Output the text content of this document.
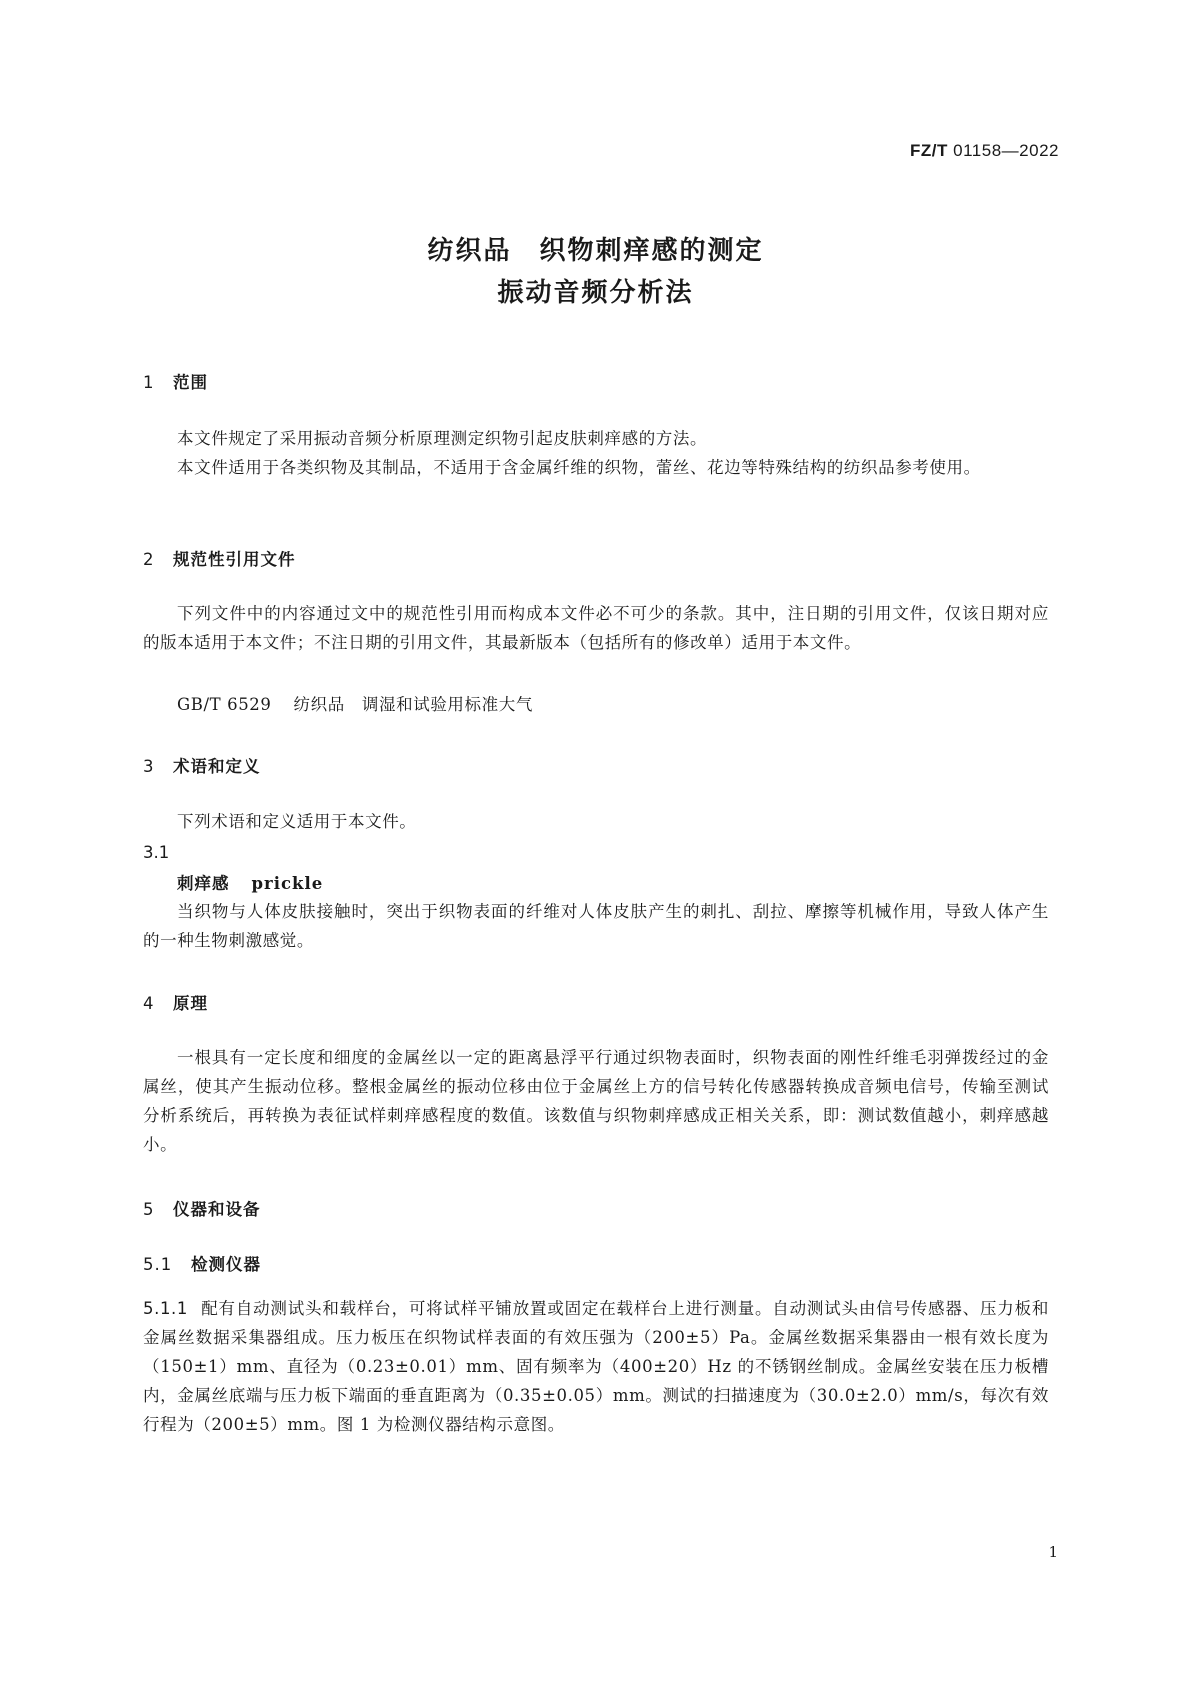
FZ/T 01158—2022
纺织品　织物刺痒感的测定
振动音频分析法
1 范围
本文件规定了采用振动音频分析原理测定织物引起皮肤刺痒感的方法。
本文件适用于各类织物及其制品，不适用于含金属纤维的织物，蕾丝、花边等特殊结构的纺织品参考使用。
2 规范性引用文件
下列文件中的内容通过文中的规范性引用而构成本文件必不可少的条款。其中，注日期的引用文件，仅该日期对应的版本适用于本文件；不注日期的引用文件，其最新版本（包括所有的修改单）适用于本文件。
GB/T 6529 纺织品　调湿和试验用标准大气
3 术语和定义
下列术语和定义适用于本文件。
3.1
刺痒感 prickle
当织物与人体皮肤接触时，突出于织物表面的纤维对人体皮肤产生的刺扎、刮拉、摩擦等机械作用，导致人体产生的一种生物刺激感觉。
4 原理
一根具有一定长度和细度的金属丝以一定的距离悬浮平行通过织物表面时，织物表面的刚性纤维毛羽弹拨经过的金属丝，使其产生振动位移。整根金属丝的振动位移由位于金属丝上方的信号转化传感器转换成音频电信号，传输至测试分析系统后，再转换为表征试样刺痒感程度的数值。该数值与织物刺痒感成正相关关系，即：测试数值越小，刺痒感越小。
5 仪器和设备
5.1 检测仪器
5.1.1 配有自动测试头和载样台，可将试样平铺放置或固定在载样台上进行测量。自动测试头由信号传感器、压力板和金属丝数据采集器组成。压力板压在织物试样表面的有效压强为（200±5）Pa。金属丝数据采集器由一根有效长度为（150±1）mm、直径为（0.23±0.01）mm、固有频率为（400±20）Hz 的不锈钢丝制成。金属丝安装在压力板槽内，金属丝底端与压力板下端面的垂直距离为（0.35±0.05）mm。测试的扫描速度为（30.0±2.0）mm/s，每次有效行程为（200±5）mm。图 1 为检测仪器结构示意图。
1
